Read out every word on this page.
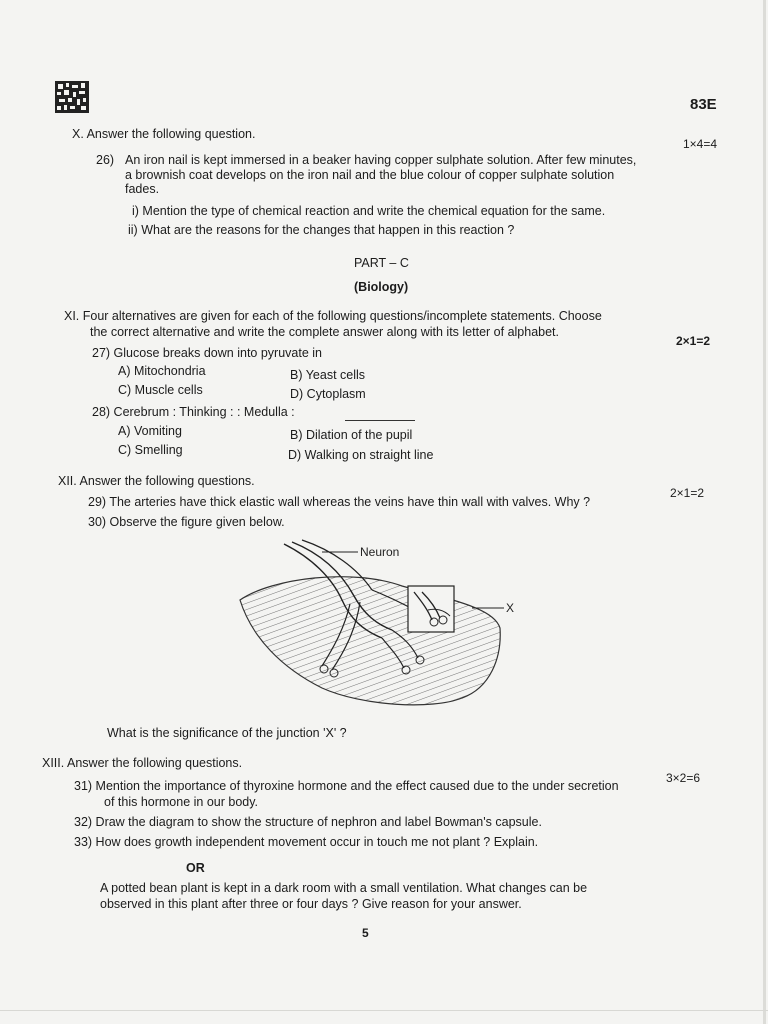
83E
X. Answer the following question.
1×4=4
26) An iron nail is kept immersed in a beaker having copper sulphate solution. After few minutes,
a brownish coat develops on the iron nail and the blue colour of copper sulphate solution
fades.
i) Mention the type of chemical reaction and write the chemical equation for the same.
ii) What are the reasons for the changes that happen in this reaction ?
PART – C
(Biology)
XI. Four alternatives are given for each of the following questions/incomplete statements. Choose
the correct alternative and write the complete answer along with its letter of alphabet.
2×1=2
27) Glucose breaks down into pyruvate in
A) Mitochondria	B) Yeast cells
C) Muscle cells	D) Cytoplasm
28) Cerebrum : Thinking : : Medulla :
A) Vomiting	B) Dilation of the pupil
C) Smelling	D) Walking on straight line
XII. Answer the following questions.
2×1=2
29) The arteries have thick elastic wall whereas the veins have thin wall with valves. Why ?
30) Observe the figure given below.
Neuron
X
What is the significance of the junction 'X' ?
XIII. Answer the following questions.
3×2=6
31) Mention the importance of thyroxine hormone and the effect caused due to the under secretion
of this hormone in our body.
32) Draw the diagram to show the structure of nephron and label Bowman's capsule.
33) How does growth independent movement occur in touch me not plant ? Explain.
OR
A potted bean plant is kept in a dark room with a small ventilation. What changes can be
observed in this plant after three or four days ? Give reason for your answer.
5
